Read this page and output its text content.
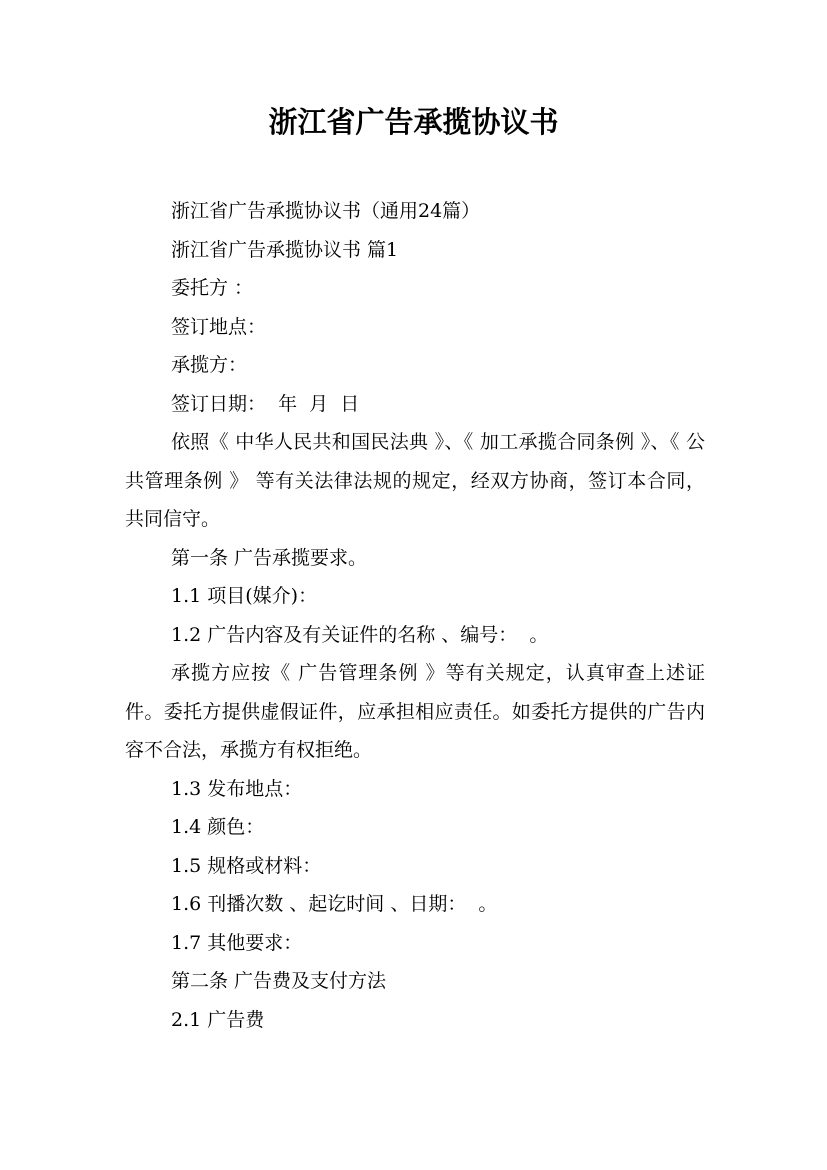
浙江省广告承揽协议书

浙江省广告承揽协议书（通用24篇）

浙江省广告承揽协议书 篇1

委托方 ：

签订地点：

承揽方：

签订日期：  年  月  日

依照《 中华人民共和国民法典 》、《 加工承揽合同条例 》、《 公共管理条例 》 等有关法律法规的规定，经双方协商，签订本合同，共同信守。

第一条 广告承揽要求。

1.1 项目(媒介)：

1.2 广告内容及有关证件的名称 、编号：  。

承揽方应按《 广告管理条例 》等有关规定，认真审查上述证件。委托方提供虚假证件，应承担相应责任。如委托方提供的广告内容不合法，承揽方有权拒绝。

1.3 发布地点：

1.4 颜色：

1.5 规格或材料：

1.6 刊播次数 、起讫时间 、日期：  。

1.7 其他要求：

第二条 广告费及支付方法

2.1 广告费
